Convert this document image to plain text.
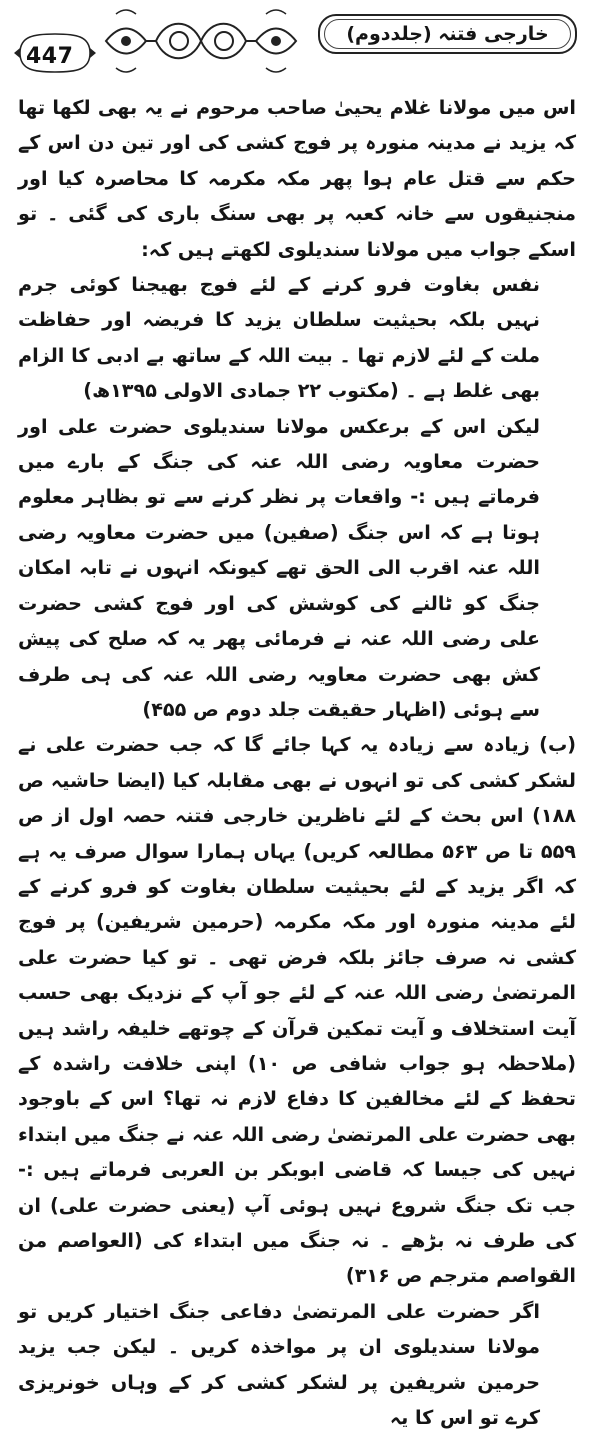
447
خارجی فتنہ (جلددوم)

اس میں مولانا غلام یحییٰ صاحب مرحوم نے یہ بھی لکھا تھا کہ یزید نے مدینہ منورہ پر فوج کشی کی اور تین دن اس کے حکم سے قتل عام ہوا پھر مکہ مکرمہ کا محاصرہ کیا اور منجنیقوں سے خانہ کعبہ پر بھی سنگ باری کی گئی ۔ تو اسکے جواب میں مولانا سندیلوی لکھتے ہیں کہ:

نفس بغاوت فرو کرنے کے لئے فوج بھیجنا کوئی جرم نہیں بلکہ بحیثیت سلطان یزید کا فریضہ اور حفاظت ملت کے لئے لازم تھا ۔ بیت اللہ کے ساتھ بے ادبی کا الزام بھی غلط ہے ۔ (مکتوب ۲۲ جمادی الاولی ۱۳۹۵ھ)

لیکن اس کے برعکس مولانا سندیلوی حضرت علی اور حضرت معاویہ رضی اللہ عنہ کی جنگ کے بارے میں فرماتے ہیں :- واقعات پر نظر کرنے سے تو بظاہر معلوم ہوتا ہے کہ اس جنگ (صفین) میں حضرت معاویہ رضی اللہ عنہ اقرب الی الحق تھے کیونکہ انہوں نے تابہ امکان جنگ کو ٹالنے کی کوشش کی اور فوج کشی حضرت علی رضی اللہ عنہ نے فرمائی پھر یہ کہ صلح کی پیش کش بھی حضرت معاویہ رضی اللہ عنہ کی ہی طرف سے ہوئی (اظہار حقیقت جلد دوم ص ۴۵۵)

(ب) زیادہ سے زیادہ یہ کہا جائے گا کہ جب حضرت علی نے لشکر کشی کی تو انہوں نے بھی مقابلہ کیا (ایضا حاشیہ ص ۱۸۸) اس بحث کے لئے ناظرین خارجی فتنہ حصہ اول از ص ۵۵۹ تا ص ۵۶۳ مطالعہ کریں) یہاں ہمارا سوال صرف یہ ہے کہ اگر یزید کے لئے بحیثیت سلطان بغاوت کو فرو کرنے کے لئے مدینہ منورہ اور مکہ مکرمہ (حرمین شریفین) پر فوج کشی نہ صرف جائز بلکہ فرض تھی ۔ تو کیا حضرت علی المرتضیٰ رضی اللہ عنہ کے لئے جو آپ کے نزدیک بھی حسب آیت استخلاف و آیت تمکین قرآن کے چوتھے خلیفہ راشد ہیں (ملاحظہ ہو جواب شافی ص ۱۰) اپنی خلافت راشدہ کے تحفظ کے لئے مخالفین کا دفاع لازم نہ تھا؟ اس کے باوجود بھی حضرت علی المرتضیٰ رضی اللہ عنہ نے جنگ میں ابتداء نہیں کی جیسا کہ قاضی ابوبکر بن العربی فرماتے ہیں :- جب تک جنگ شروع نہیں ہوئی آپ (یعنی حضرت علی) ان کی طرف نہ بڑھے ۔ نہ جنگ میں ابتداء کی (العواصم من القواصم مترجم ص ۳۱۶)

اگر حضرت علی المرتضیٰ دفاعی جنگ اختیار کریں تو مولانا سندیلوی ان پر مواخذہ کریں ۔ لیکن جب یزید حرمین شریفین پر لشکر کشی کر کے وہاں خونریزی کرے تو اس کا یہ
